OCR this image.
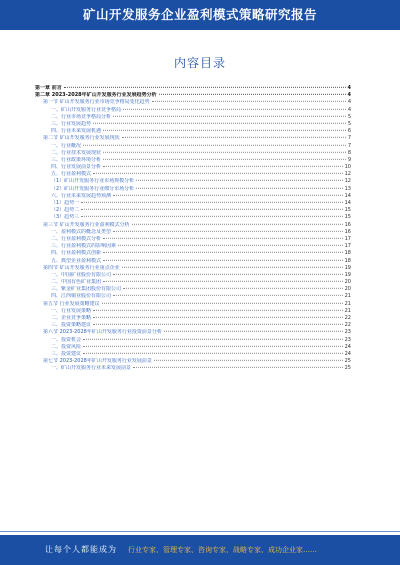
矿山开发服务企业盈利模式策略研究报告
内容目录
第一章 前言	4
第二章 2023-2028年矿山开发服务行业发展趋势分析	4
第一节 矿山开发服务行业市场竞争格局变化趋势	4
一、矿山开发服务行业竞争格局	4
二、行业市场竞争格局分析	5
三、行业发展趋势	5
四、行业未来发展机遇	6
第二节 矿山开发服务行业发展现状	7
一、行业概况	7
二、行业技术发展现状	8
三、行业政策环境分析	9
四、行业发展前景分析	10
五、行业盈利模式	12
（1）矿山开发服务行业市场规模分析	12
（2）矿山开发服务行业细分市场分析	13
六、行业未来发展趋势预测	14
（1）趋势一	14
（2）趋势二	15
（3）趋势三	15
第三节 矿山开发服务行业盈利模式分析	16
一、盈利模式的概念及类型	16
二、行业盈利模式分析	17
三、行业盈利模式的影响因素	17
四、行业盈利模式创新	18
五、典型企业盈利模式	18
第四节 矿山开发服务行业重点企业	19
一、中国矿业股份有限公司	19
二、中国有色矿业集团	20
三、紫金矿业集团股份有限公司	20
四、江西铜业股份有限公司	21
第五节 行业发展策略建议	21
一、行业发展策略	21
二、企业竞争策略	22
三、投资策略建议	22
第六节 2023-2028年矿山开发服务行业投资前景分析	23
一、投资机会	23
二、投资风险	24
三、投资建议	24
第七节 2023-2028年矿山开发服务行业发展前景	25
一、矿山开发服务行业未来发展前景	25
让每个人都能成为 行业专家、管理专家、咨询专家、战略专家、成功企业家……
